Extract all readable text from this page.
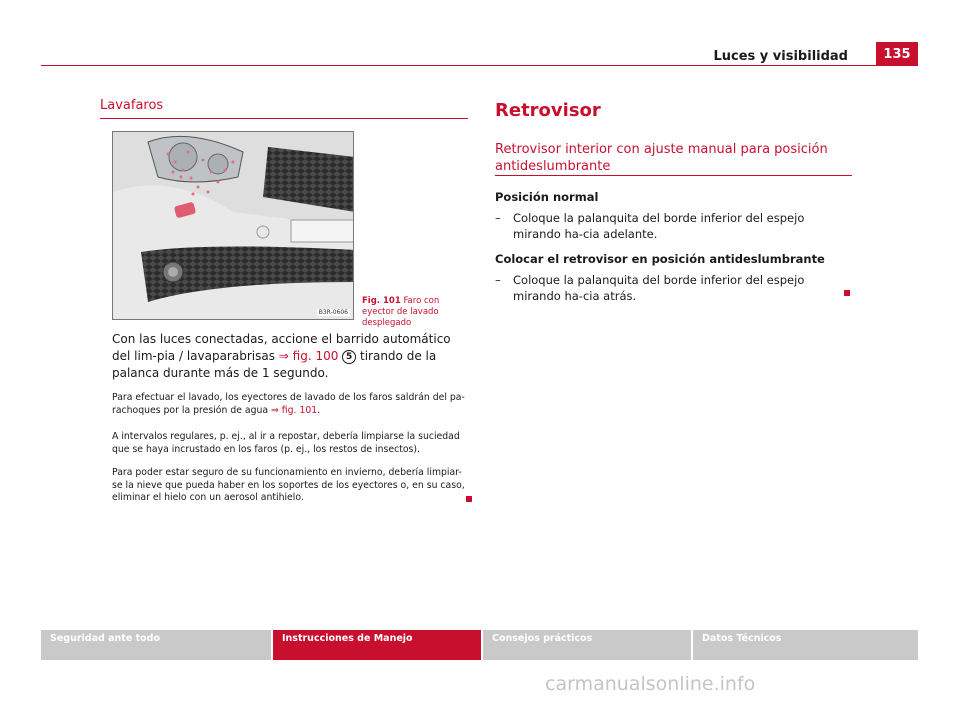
Luces y visibilidad	135
Lavafaros
B3R-0606
Fig. 101 Faro con eyector de lavado desplegado
Con las luces conectadas, accione el barrido automático del lim-pia / lavaparabrisas ⇒ fig. 100 5 tirando de la palanca durante más de 1 segundo.
Para efectuar el lavado, los eyectores de lavado de los faros saldrán del pa-rachoques por la presión de agua ⇒ fig. 101.
A intervalos regulares, p. ej., al ir a repostar, debería limpiarse la suciedad que se haya incrustado en los faros (p. ej., los restos de insectos).
Para poder estar seguro de su funcionamiento en invierno, debería limpiar-se la nieve que pueda haber en los soportes de los eyectores o, en su caso, eliminar el hielo con un aerosol antihielo.
Retrovisor
Retrovisor interior con ajuste manual para posición antideslumbrante
Posición normal
–	Coloque la palanquita del borde inferior del espejo mirando ha-cia adelante.
Colocar el retrovisor en posición antideslumbrante
–	Coloque la palanquita del borde inferior del espejo mirando ha-cia atrás.
Seguridad ante todo	Instrucciones de Manejo	Consejos prácticos	Datos Técnicos
carmanualsonline.info
